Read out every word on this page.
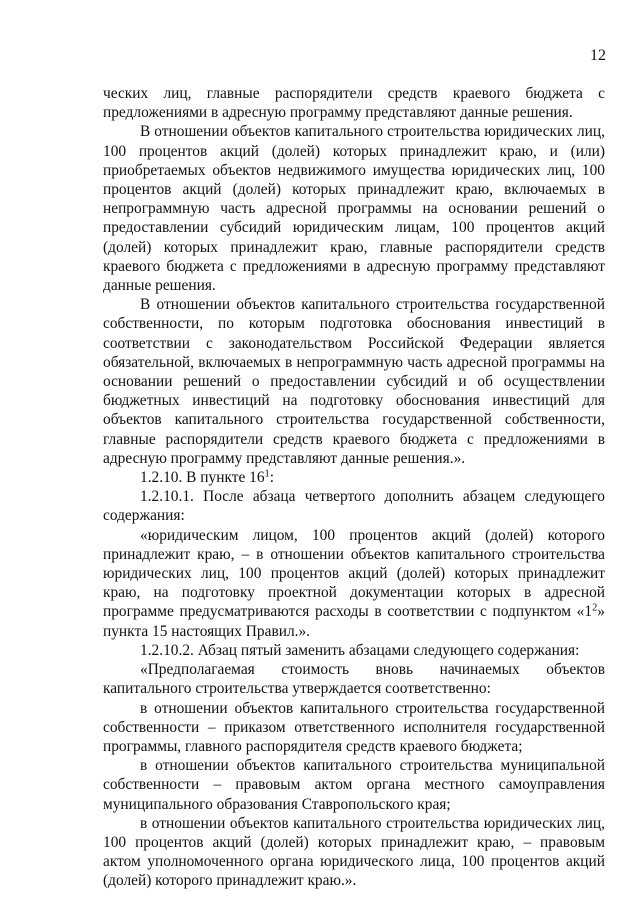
12

ческих лиц, главные распорядители средств краевого бюджета с предложениями в адресную программу представляют данные решения.

В отношении объектов капитального строительства юридических лиц, 100 процентов акций (долей) которых принадлежит краю, и (или) приобретаемых объектов недвижимого имущества юридических лиц, 100 процентов акций (долей) которых принадлежит краю, включаемых в непрограммную часть адресной программы на основании решений о предоставлении субсидий юридическим лицам, 100 процентов акций (долей) которых принадлежит краю, главные распорядители средств краевого бюджета с предложениями в адресную программу представляют данные решения.

В отношении объектов капитального строительства государственной собственности, по которым подготовка обоснования инвестиций в соответствии с законодательством Российской Федерации является обязательной, включаемых в непрограммную часть адресной программы на основании решений о предоставлении субсидий и об осуществлении бюджетных инвестиций на подготовку обоснования инвестиций для объектов капитального строительства государственной собственности, главные распорядители средств краевого бюджета с предложениями в адресную программу представляют данные решения.».

1.2.10. В пункте $16^1$:

1.2.10.1. После абзаца четвертого дополнить абзацем следующего содержания:

«юридическим лицом, 100 процентов акций (долей) которого принадлежит краю, – в отношении объектов капитального строительства юридических лиц, 100 процентов акций (долей) которых принадлежит краю, на подготовку проектной документации которых в адресной программе предусматриваются расходы в соответствии с подпунктом «$1^2$» пункта 15 настоящих Правил.».

1.2.10.2. Абзац пятый заменить абзацами следующего содержания:

«Предполагаемая стоимость вновь начинаемых объектов капитального строительства утверждается соответственно:

в отношении объектов капитального строительства государственной собственности – приказом ответственного исполнителя государственной программы, главного распорядителя средств краевого бюджета;

в отношении объектов капитального строительства муниципальной собственности – правовым актом органа местного самоуправления муниципального образования Ставропольского края;

в отношении объектов капитального строительства юридических лиц, 100 процентов акций (долей) которых принадлежит краю, – правовым актом уполномоченного органа юридического лица, 100 процентов акций (долей) которого принадлежит краю.».
